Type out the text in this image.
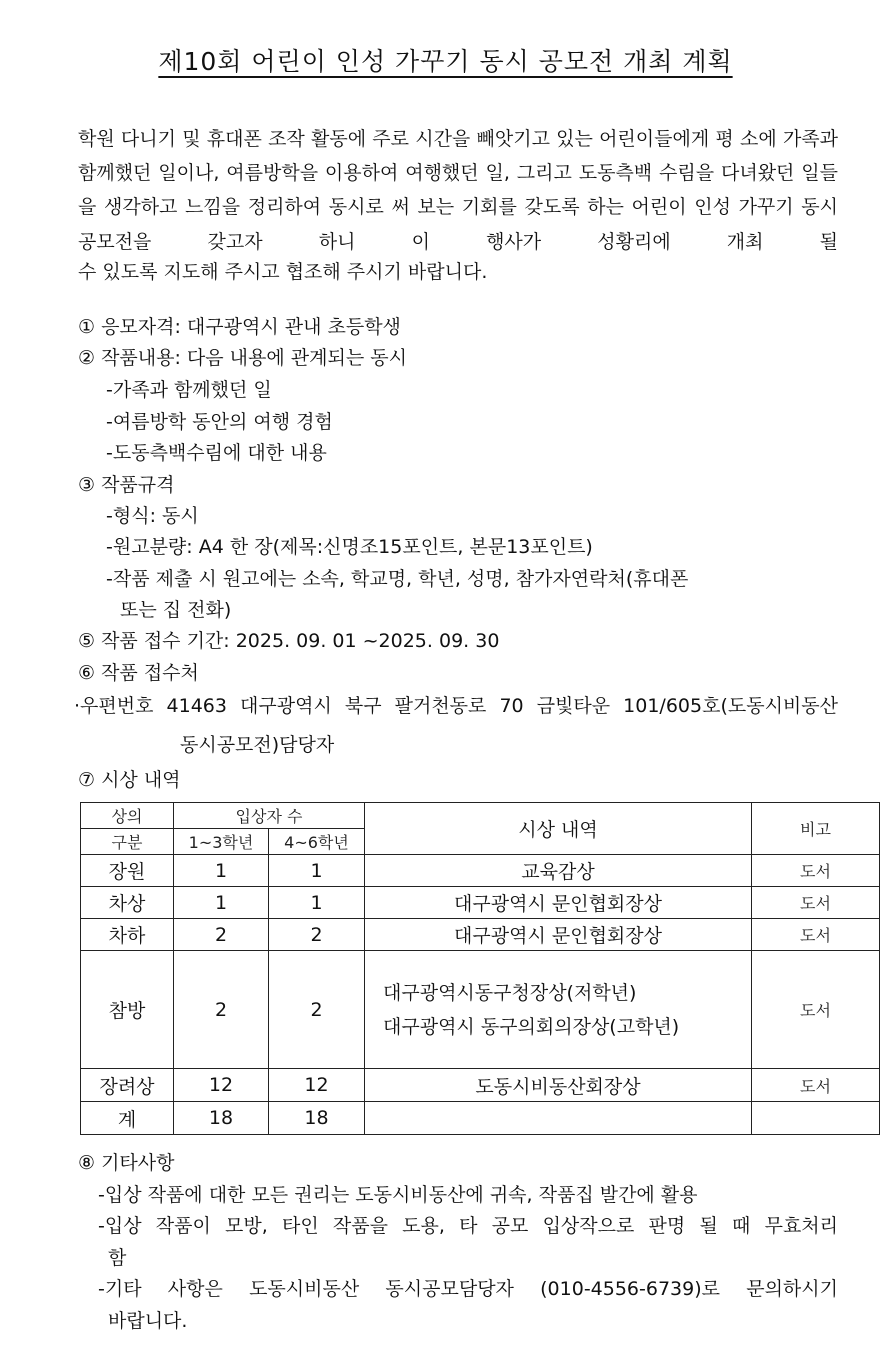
제10회 어린이 인성 가꾸기 동시 공모전 개최 계획

학원 다니기 및 휴대폰 조작 활동에 주로 시간을 빼앗기고 있는 어린이들에게 평 소에 가족과 함께했던 일이나, 여름방학을 이용하여 여행했던 일, 그리고 도동측백 수림을 다녀왔던 일들을 생각하고 느낌을 정리하여 동시로 써 보는 기회를 갖도록 하는 어린이 인성 가꾸기 동시 공모전을 갖고자 하니 이 행사가 성황리에 개최 될

수 있도록 지도해 주시고 협조해 주시기 바랍니다.

① 응모자격: 대구광역시 관내 초등학생
② 작품내용: 다음 내용에 관계되는 동시
-가족과 함께했던 일
-여름방학 동안의 여행 경험
-도동측백수림에 대한 내용
③ 작품규격
-형식: 동시
-원고분량: A4 한 장(제목:신명조15포인트, 본문13포인트)
-작품 제출 시 원고에는 소속, 학교명, 학년, 성명, 참가자연락처(휴대폰
또는 집 전화)
⑤ 작품 접수 기간: 2025. 09. 01 ~2025. 09. 30
⑥ 작품 접수처
·우편번호 41463 대구광역시 북구 팔거천동로 70 금빛타운 101/605호(도동시비동산
동시공모전)담당자
⑦ 시상 내역
상의	입상자 수		시상 내역	비고
구분	1~3학년	4~6학년		
장원	1	1	교육감상	도서
차상	1	1	대구광역시 문인협회장상	도서
차하	2	2	대구광역시 문인협회장상	도서
참방	2	2	대구광역시동구청장상(저학년)
대구광역시 동구의회의장상(고학년)	도서
장려상	12	12	도동시비동산회장상	도서
계	18	18		
⑧ 기타사항
-입상 작품에 대한 모든 권리는 도동시비동산에 귀속, 작품집 발간에 활용
-입상 작품이 모방, 타인 작품을 도용, 타 공모 입상작으로 판명 될 때 무효처리
함
-기타 사항은 도동시비동산 동시공모담당자 (010-4556-6739)로 문의하시기
바랍니다.
